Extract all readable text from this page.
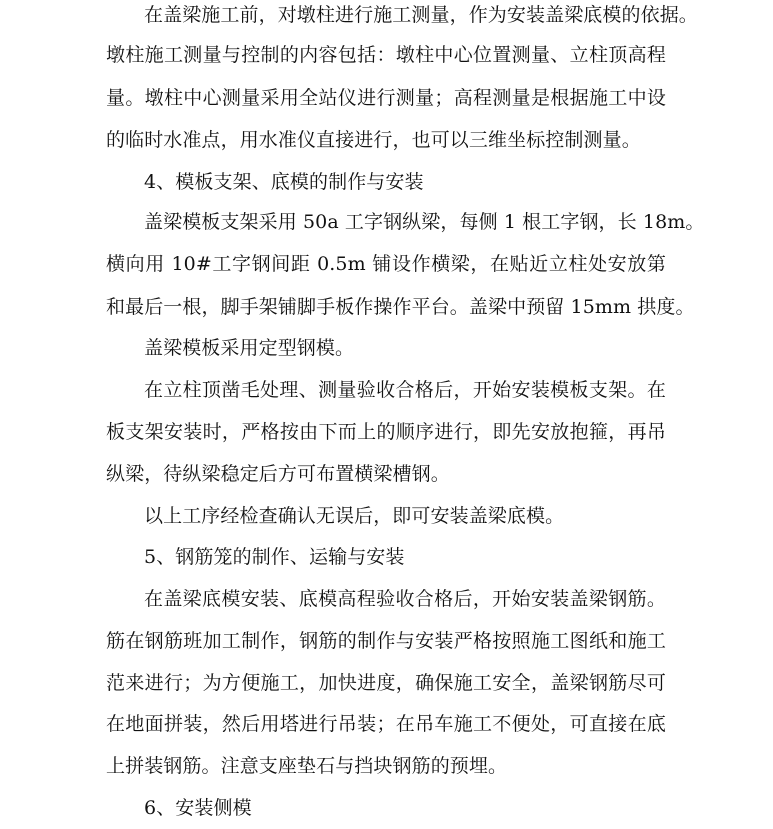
在盖梁施工前，对墩柱进行施工测量，作为安装盖梁底模的依据。
墩柱施工测量与控制的内容包括：墩柱中心位置测量、立柱顶高程
量。墩柱中心测量采用全站仪进行测量；高程测量是根据施工中设
的临时水准点，用水准仪直接进行，也可以三维坐标控制测量。
4、模板支架、底模的制作与安装
盖梁模板支架采用 50a 工字钢纵梁，每侧 1 根工字钢，长 18m。
横向用 10#工字钢间距 0.5m 铺设作横梁，在贴近立柱处安放第
和最后一根，脚手架铺脚手板作操作平台。盖梁中预留 15mm 拱度。
盖梁模板采用定型钢模。
在立柱顶凿毛处理、测量验收合格后，开始安装模板支架。在
板支架安装时，严格按由下而上的顺序进行，即先安放抱箍，再吊
纵梁，待纵梁稳定后方可布置横梁槽钢。
以上工序经检查确认无误后，即可安装盖梁底模。
5、钢筋笼的制作、运输与安装
在盖梁底模安装、底模高程验收合格后，开始安装盖梁钢筋。
筋在钢筋班加工制作，钢筋的制作与安装严格按照施工图纸和施工
范来进行；为方便施工，加快进度，确保施工安全，盖梁钢筋尽可
在地面拼装，然后用塔进行吊装；在吊车施工不便处，可直接在底
上拼装钢筋。注意支座垫石与挡块钢筋的预埋。
6、安装侧模
